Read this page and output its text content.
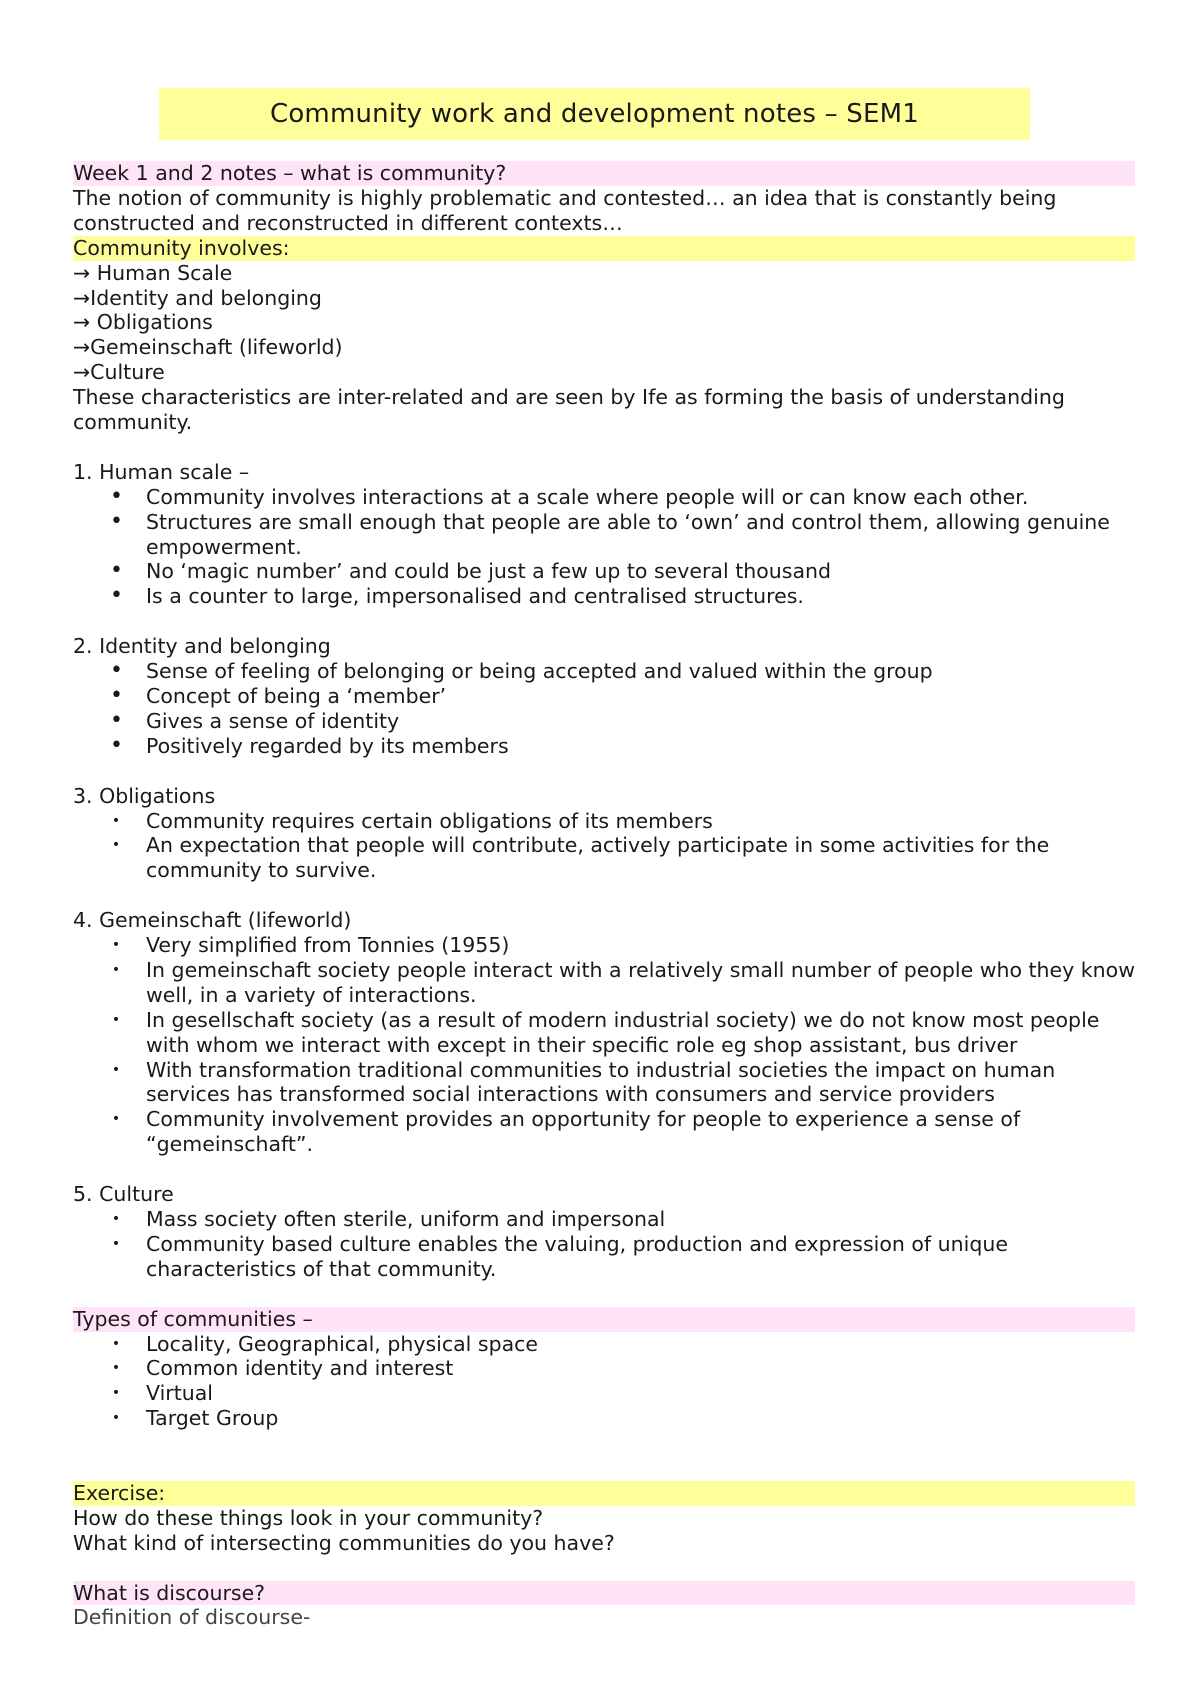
Community work and development notes – SEM1
Week 1 and 2 notes – what is community?
The notion of community is highly problematic and contested… an idea that is constantly being constructed and reconstructed in different contexts…
Community involves:
→ Human Scale
→Identity and belonging
→ Obligations
→Gemeinschaft (lifeworld)
→Culture
These characteristics are inter-related and are seen by Ife as forming the basis of understanding community.
1. Human scale –
• Community involves interactions at a scale where people will or can know each other.
• Structures are small enough that people are able to ‘own’ and control them, allowing genuine empowerment.
• No ‘magic number’ and could be just a few up to several thousand
• Is a counter to large, impersonalised and centralised structures.
2. Identity and belonging
• Sense of feeling of belonging or being accepted and valued within the group
• Concept of being a ‘member’
• Gives a sense of identity
• Positively regarded by its members
3. Obligations
• Community requires certain obligations of its members
• An expectation that people will contribute, actively participate in some activities for the community to survive.
4. Gemeinschaft (lifeworld)
• Very simplified from Tonnies (1955)
• In gemeinschaft society people interact with a relatively small number of people who they know well, in a variety of interactions.
• In gesellschaft society (as a result of modern industrial society) we do not know most people with whom we interact with except in their specific role eg shop assistant, bus driver
• With transformation traditional communities to industrial societies the impact on human services has transformed social interactions with consumers and service providers
• Community involvement provides an opportunity for people to experience a sense of “gemeinschaft”.
5. Culture
• Mass society often sterile, uniform and impersonal
• Community based culture enables the valuing, production and expression of unique characteristics of that community.
Types of communities –
• Locality, Geographical, physical space
• Common identity and interest
• Virtual
• Target Group
Exercise:
How do these things look in your community?
What kind of intersecting communities do you have?
What is discourse?
Definition of discourse-
